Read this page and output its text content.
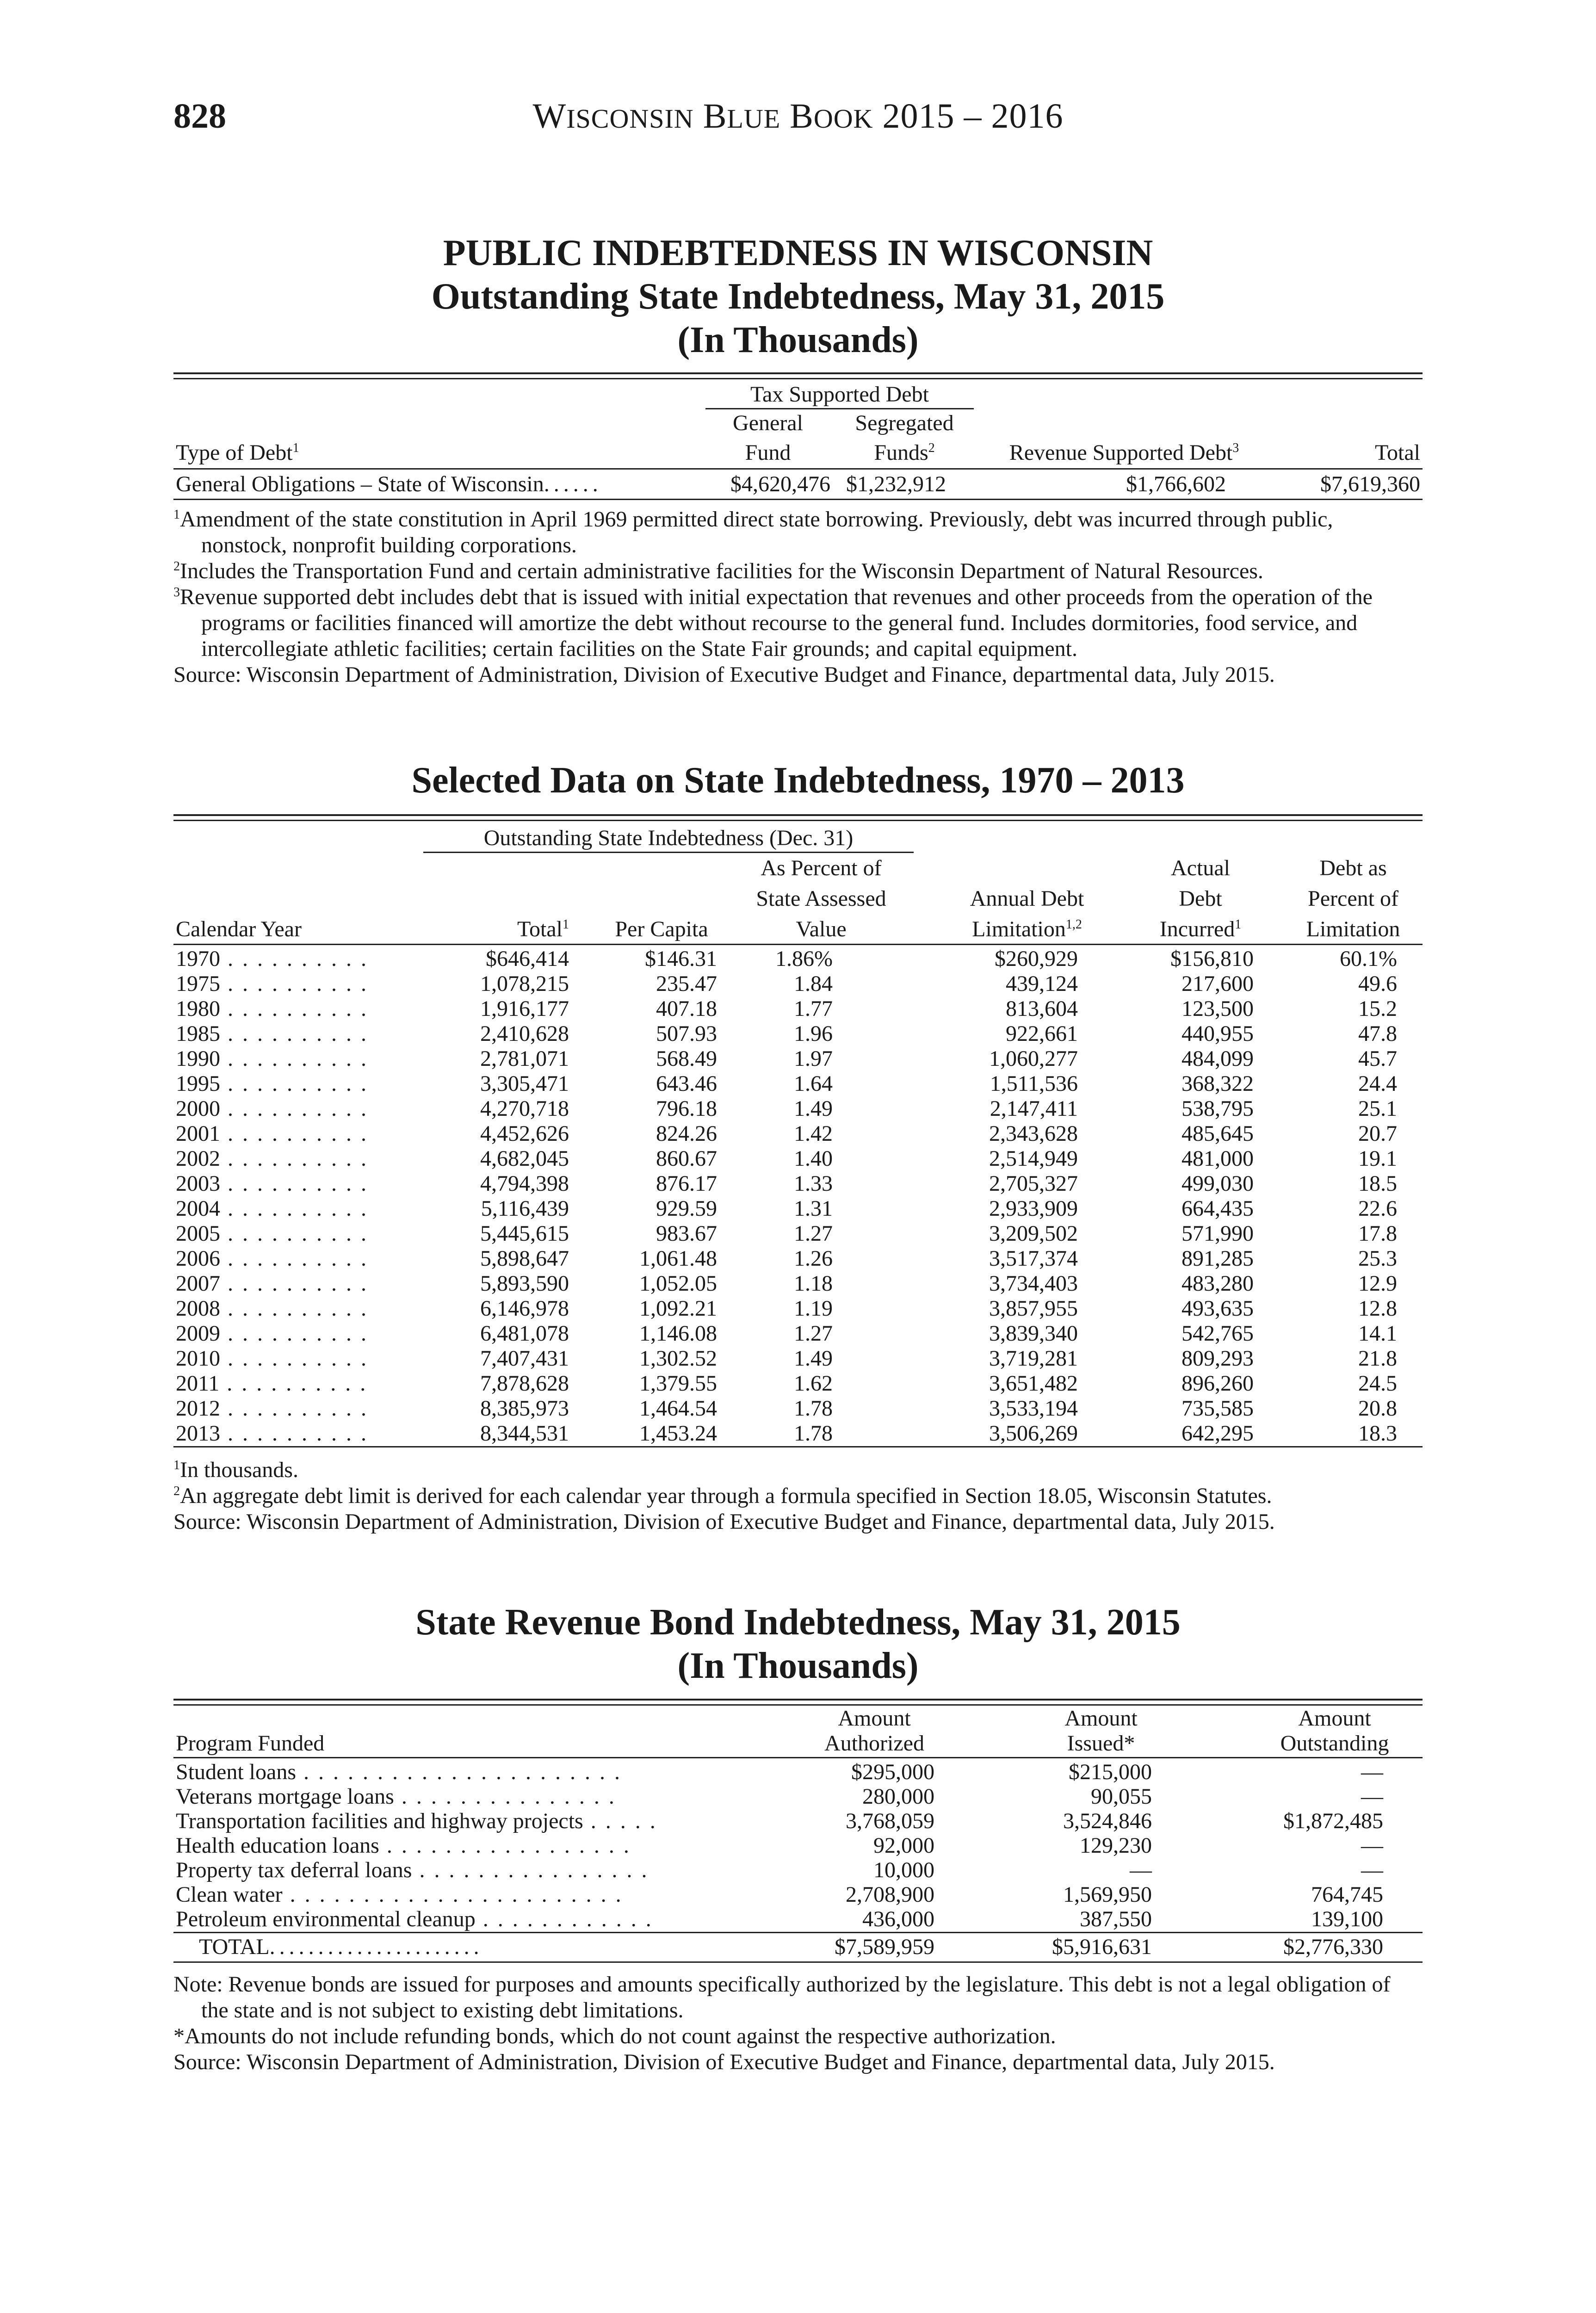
828	WISCONSIN BLUE BOOK 2015 – 2016
PUBLIC INDEBTEDNESS IN WISCONSIN
Outstanding State Indebtedness, May 31, 2015
(In Thousands)
Tax Supported Debt
General	Segregated
Type of Debt$^1$	Fund	Funds$^2$	Revenue Supported Debt$^3$	Total
General Obligations – State of Wisconsin......	$4,620,476 $1,232,912	$1,766,602	$7,619,360
$^1$Amendment of the state constitution in April 1969 permitted direct state borrowing. Previously, debt was incurred through public, nonstock, nonprofit building corporations.
$^2$Includes the Transportation Fund and certain administrative facilities for the Wisconsin Department of Natural Resources.
$^3$Revenue supported debt includes debt that is issued with initial expectation that revenues and other proceeds from the operation of the programs or facilities financed will amortize the debt without recourse to the general fund. Includes dormitories, food service, and intercollegiate athletic facilities; certain facilities on the State Fair grounds; and capital equipment.
Source: Wisconsin Department of Administration, Division of Executive Budget and Finance, departmental data, July 2015.
Selected Data on State Indebtedness, 1970 – 2013
Outstanding State Indebtedness (Dec. 31)
As Percent of	Actual	Debt as
State Assessed	Annual Debt	Debt	Percent of
Calendar Year	Total$^1$	Per Capita	Value	Limitation$^{1,2}$	Incurred$^1$	Limitation
1970 . . . . . . . . . .	$646,414	$146.31	1.86%	$260,929	$156,810	60.1%
1975 . . . . . . . . . .	1,078,215	235.47	1.84	439,124	217,600	49.6
1980 . . . . . . . . . .	1,916,177	407.18	1.77	813,604	123,500	15.2
1985 . . . . . . . . . .	2,410,628	507.93	1.96	922,661	440,955	47.8
1990 . . . . . . . . . .	2,781,071	568.49	1.97	1,060,277	484,099	45.7
1995 . . . . . . . . . .	3,305,471	643.46	1.64	1,511,536	368,322	24.4
2000 . . . . . . . . . .	4,270,718	796.18	1.49	2,147,411	538,795	25.1
2001 . . . . . . . . . .	4,452,626	824.26	1.42	2,343,628	485,645	20.7
2002 . . . . . . . . . .	4,682,045	860.67	1.40	2,514,949	481,000	19.1
2003 . . . . . . . . . .	4,794,398	876.17	1.33	2,705,327	499,030	18.5
2004 . . . . . . . . . .	5,116,439	929.59	1.31	2,933,909	664,435	22.6
2005 . . . . . . . . . .	5,445,615	983.67	1.27	3,209,502	571,990	17.8
2006 . . . . . . . . . .	5,898,647	1,061.48	1.26	3,517,374	891,285	25.3
2007 . . . . . . . . . .	5,893,590	1,052.05	1.18	3,734,403	483,280	12.9
2008 . . . . . . . . . .	6,146,978	1,092.21	1.19	3,857,955	493,635	12.8
2009 . . . . . . . . . .	6,481,078	1,146.08	1.27	3,839,340	542,765	14.1
2010 . . . . . . . . . .	7,407,431	1,302.52	1.49	3,719,281	809,293	21.8
2011 . . . . . . . . . .	7,878,628	1,379.55	1.62	3,651,482	896,260	24.5
2012 . . . . . . . . . .	8,385,973	1,464.54	1.78	3,533,194	735,585	20.8
2013 . . . . . . . . . .	8,344,531	1,453.24	1.78	3,506,269	642,295	18.3
$^1$In thousands.
$^2$An aggregate debt limit is derived for each calendar year through a formula specified in Section 18.05, Wisconsin Statutes.
Source: Wisconsin Department of Administration, Division of Executive Budget and Finance, departmental data, July 2015.
State Revenue Bond Indebtedness, May 31, 2015
(In Thousands)
Amount	Amount	Amount
Program Funded	Authorized	Issued*	Outstanding
Student loans . . . . . . . . . . . . . . . . . . . . . .	$295,000	$215,000	—
Veterans mortgage loans . . . . . . . . . . . . . . .	280,000	90,055	—
Transportation facilities and highway projects . . . . .	3,768,059	3,524,846	$1,872,485
Health education loans . . . . . . . . . . . . . . . . .	92,000	129,230	—
Property tax deferral loans . . . . . . . . . . . . . . . .	10,000	—	—
Clean water . . . . . . . . . . . . . . . . . . . . . . .	2,708,900	1,569,950	764,745
Petroleum environmental cleanup . . . . . . . . . . . .	436,000	387,550	139,100
TOTAL......................	$7,589,959	$5,916,631	$2,776,330
Note: Revenue bonds are issued for purposes and amounts specifically authorized by the legislature. This debt is not a legal obligation of the state and is not subject to existing debt limitations.
*Amounts do not include refunding bonds, which do not count against the respective authorization.
Source: Wisconsin Department of Administration, Division of Executive Budget and Finance, departmental data, July 2015.
